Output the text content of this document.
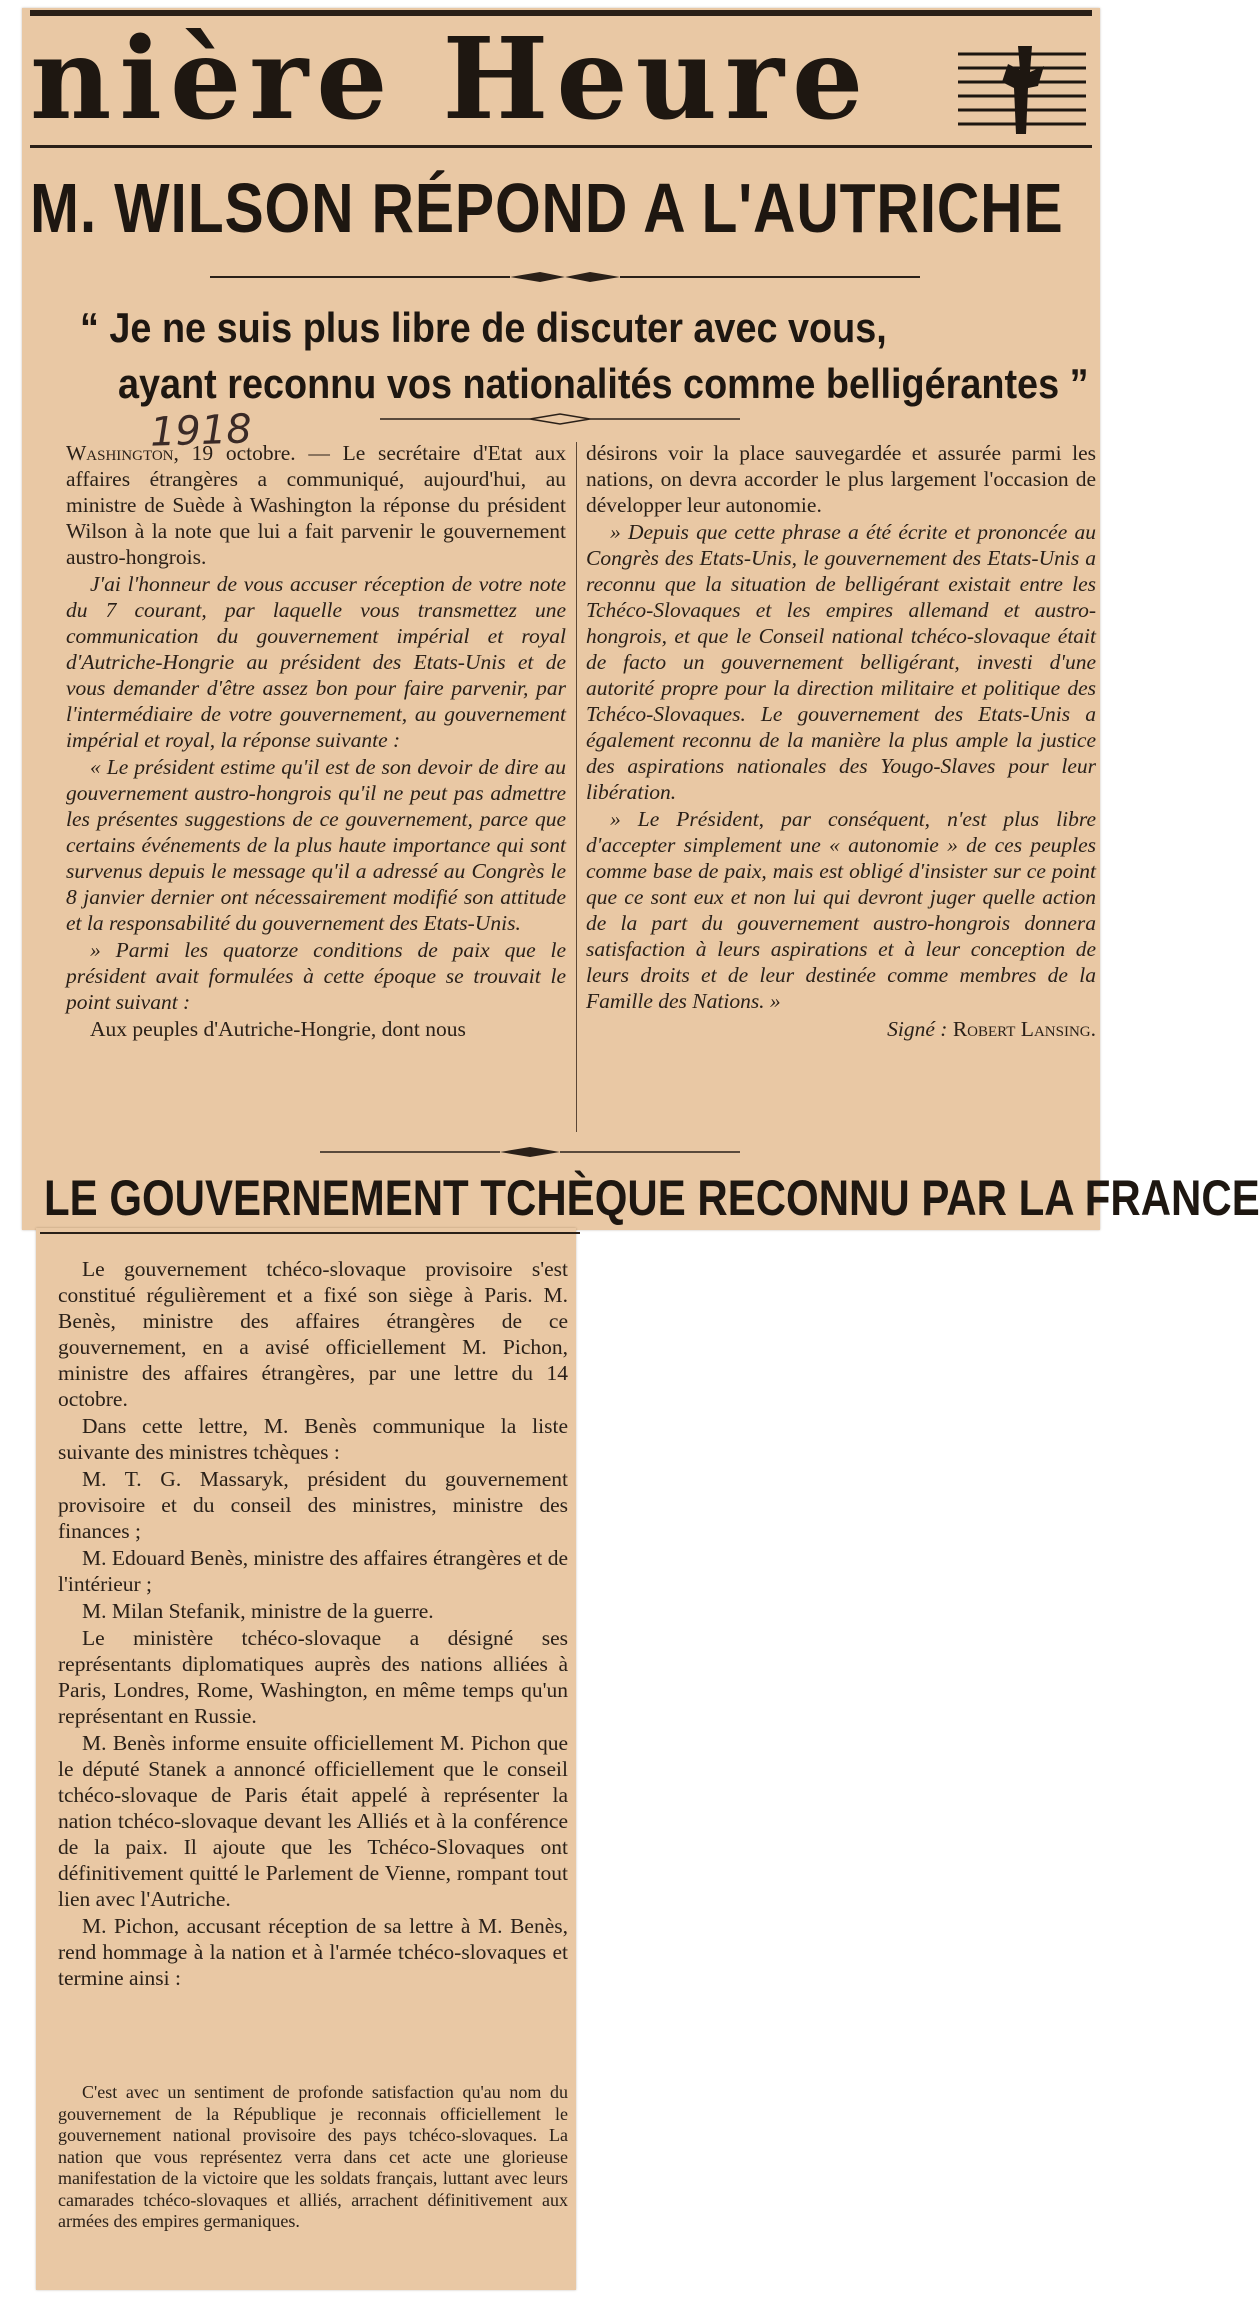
nière Heure
M. WILSON RÉPOND A L'AUTRICHE
“ Je ne suis plus libre de discuter avec vous,
ayant reconnu vos nationalités comme belligérantes ”
1918

Washington, 19 octobre. — Le secrétaire d'Etat aux affaires étrangères a communiqué, aujourd'hui, au ministre de Suède à Washington la réponse du président Wilson à la note que lui a fait parvenir le gouvernement austro-hongrois.

J'ai l'honneur de vous accuser réception de votre note du 7 courant, par laquelle vous transmettez une communication du gouvernement impérial et royal d'Autriche-Hongrie au président des Etats-Unis et de vous demander d'être assez bon pour faire parvenir, par l'intermédiaire de votre gouvernement, au gouvernement impérial et royal, la réponse suivante :

« Le président estime qu'il est de son devoir de dire au gouvernement austro-hongrois qu'il ne peut pas admettre les présentes suggestions de ce gouvernement, parce que certains événements de la plus haute importance qui sont survenus depuis le message qu'il a adressé au Congrès le 8 janvier dernier ont nécessairement modifié son attitude et la responsabilité du gouvernement des Etats-Unis.

» Parmi les quatorze conditions de paix que le président avait formulées à cette époque se trouvait le point suivant :

Aux peuples d'Autriche-Hongrie, dont nous

désirons voir la place sauvegardée et assurée parmi les nations, on devra accorder le plus largement l'occasion de développer leur autonomie.

» Depuis que cette phrase a été écrite et prononcée au Congrès des Etats-Unis, le gouvernement des Etats-Unis a reconnu que la situation de belligérant existait entre les Tchéco-Slovaques et les empires allemand et austro-hongrois, et que le Conseil national tchéco-slovaque était de facto un gouvernement belligérant, investi d'une autorité propre pour la direction militaire et politique des Tchéco-Slovaques. Le gouvernement des Etats-Unis a également reconnu de la manière la plus ample la justice des aspirations nationales des Yougo-Slaves pour leur libération.

» Le Président, par conséquent, n'est plus libre d'accepter simplement une « autonomie » de ces peuples comme base de paix, mais est obligé d'insister sur ce point que ce sont eux et non lui qui devront juger quelle action de la part du gouvernement austro-hongrois donnera satisfaction à leurs aspirations et à leur conception de leurs droits et de leur destinée comme membres de la Famille des Nations. »

Signé : Robert Lansing.

LE GOUVERNEMENT TCHÈQUE RECONNU PAR LA FRANCE

Le gouvernement tchéco-slovaque provisoire s'est constitué régulièrement et a fixé son siège à Paris. M. Benès, ministre des affaires étrangères de ce gouvernement, en a avisé officiellement M. Pichon, ministre des affaires étrangères, par une lettre du 14 octobre.

Dans cette lettre, M. Benès communique la liste suivante des ministres tchèques :

M. T. G. Massaryk, président du gouvernement provisoire et du conseil des ministres, ministre des finances ;

M. Edouard Benès, ministre des affaires étrangères et de l'intérieur ;

M. Milan Stefanik, ministre de la guerre.

Le ministère tchéco-slovaque a désigné ses représentants diplomatiques auprès des nations alliées à Paris, Londres, Rome, Washington, en même temps qu'un représentant en Russie.

M. Benès informe ensuite officiellement M. Pichon que le député Stanek a annoncé officiellement que le conseil tchéco-slovaque de Paris était appelé à représenter la nation tchéco-slovaque devant les Alliés et à la conférence de la paix. Il ajoute que les Tchéco-Slovaques ont définitivement quitté le Parlement de Vienne, rompant tout lien avec l'Autriche.

M. Pichon, accusant réception de sa lettre à M. Benès, rend hommage à la nation et à l'armée tchéco-slovaques et termine ainsi :

C'est avec un sentiment de profonde satisfaction qu'au nom du gouvernement de la République je reconnais officiellement le gouvernement national provisoire des pays tchéco-slovaques. La nation que vous représentez verra dans cet acte une glorieuse manifestation de la victoire que les soldats français, luttant avec leurs camarades tchéco-slovaques et alliés, arrachent définitivement aux armées des empires germaniques.
